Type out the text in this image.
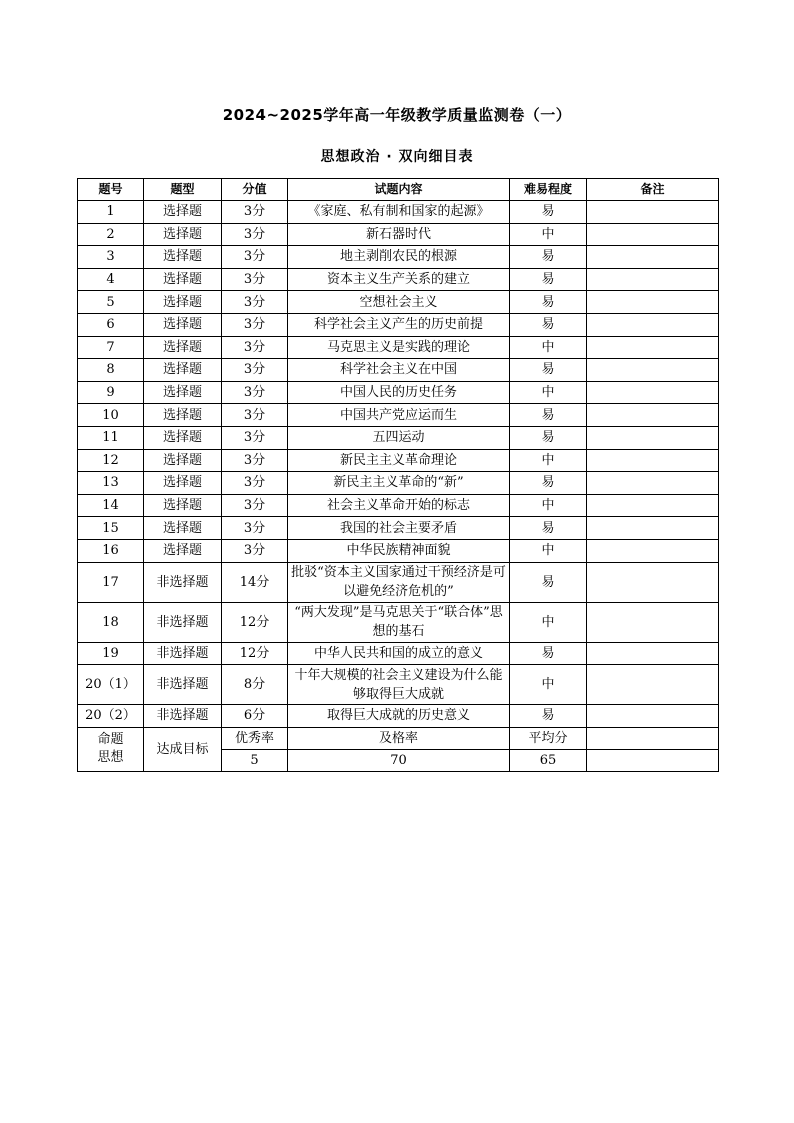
2024~2025学年高一年级教学质量监测卷（一）
思想政治 · 双向细目表
题号	题型	分值	试题内容	难易程度	备注
1	选择题	3分	《家庭、私有制和国家的起源》	易	
2	选择题	3分	新石器时代	中	
3	选择题	3分	地主剥削农民的根源	易	
4	选择题	3分	资本主义生产关系的建立	易	
5	选择题	3分	空想社会主义	易	
6	选择题	3分	科学社会主义产生的历史前提	易	
7	选择题	3分	马克思主义是实践的理论	中	
8	选择题	3分	科学社会主义在中国	易	
9	选择题	3分	中国人民的历史任务	中	
10	选择题	3分	中国共产党应运而生	易	
11	选择题	3分	五四运动	易	
12	选择题	3分	新民主主义革命理论	中	
13	选择题	3分	新民主主义革命的“新”	易	
14	选择题	3分	社会主义革命开始的标志	中	
15	选择题	3分	我国的社会主要矛盾	易	
16	选择题	3分	中华民族精神面貌	中	
17	非选择题	14分	批驳“资本主义国家通过干预经济是可以避免经济危机的”	易	
18	非选择题	12分	“两大发现”是马克思关于“联合体”思想的基石	中	
19	非选择题	12分	中华人民共和国的成立的意义	易	
20（1）	非选择题	8分	十年大规模的社会主义建设为什么能够取得巨大成就	中	
20（2）	非选择题	6分	取得巨大成就的历史意义	易	
命题思想	达成目标	优秀率	及格率	平均分	
		5	70	65	
